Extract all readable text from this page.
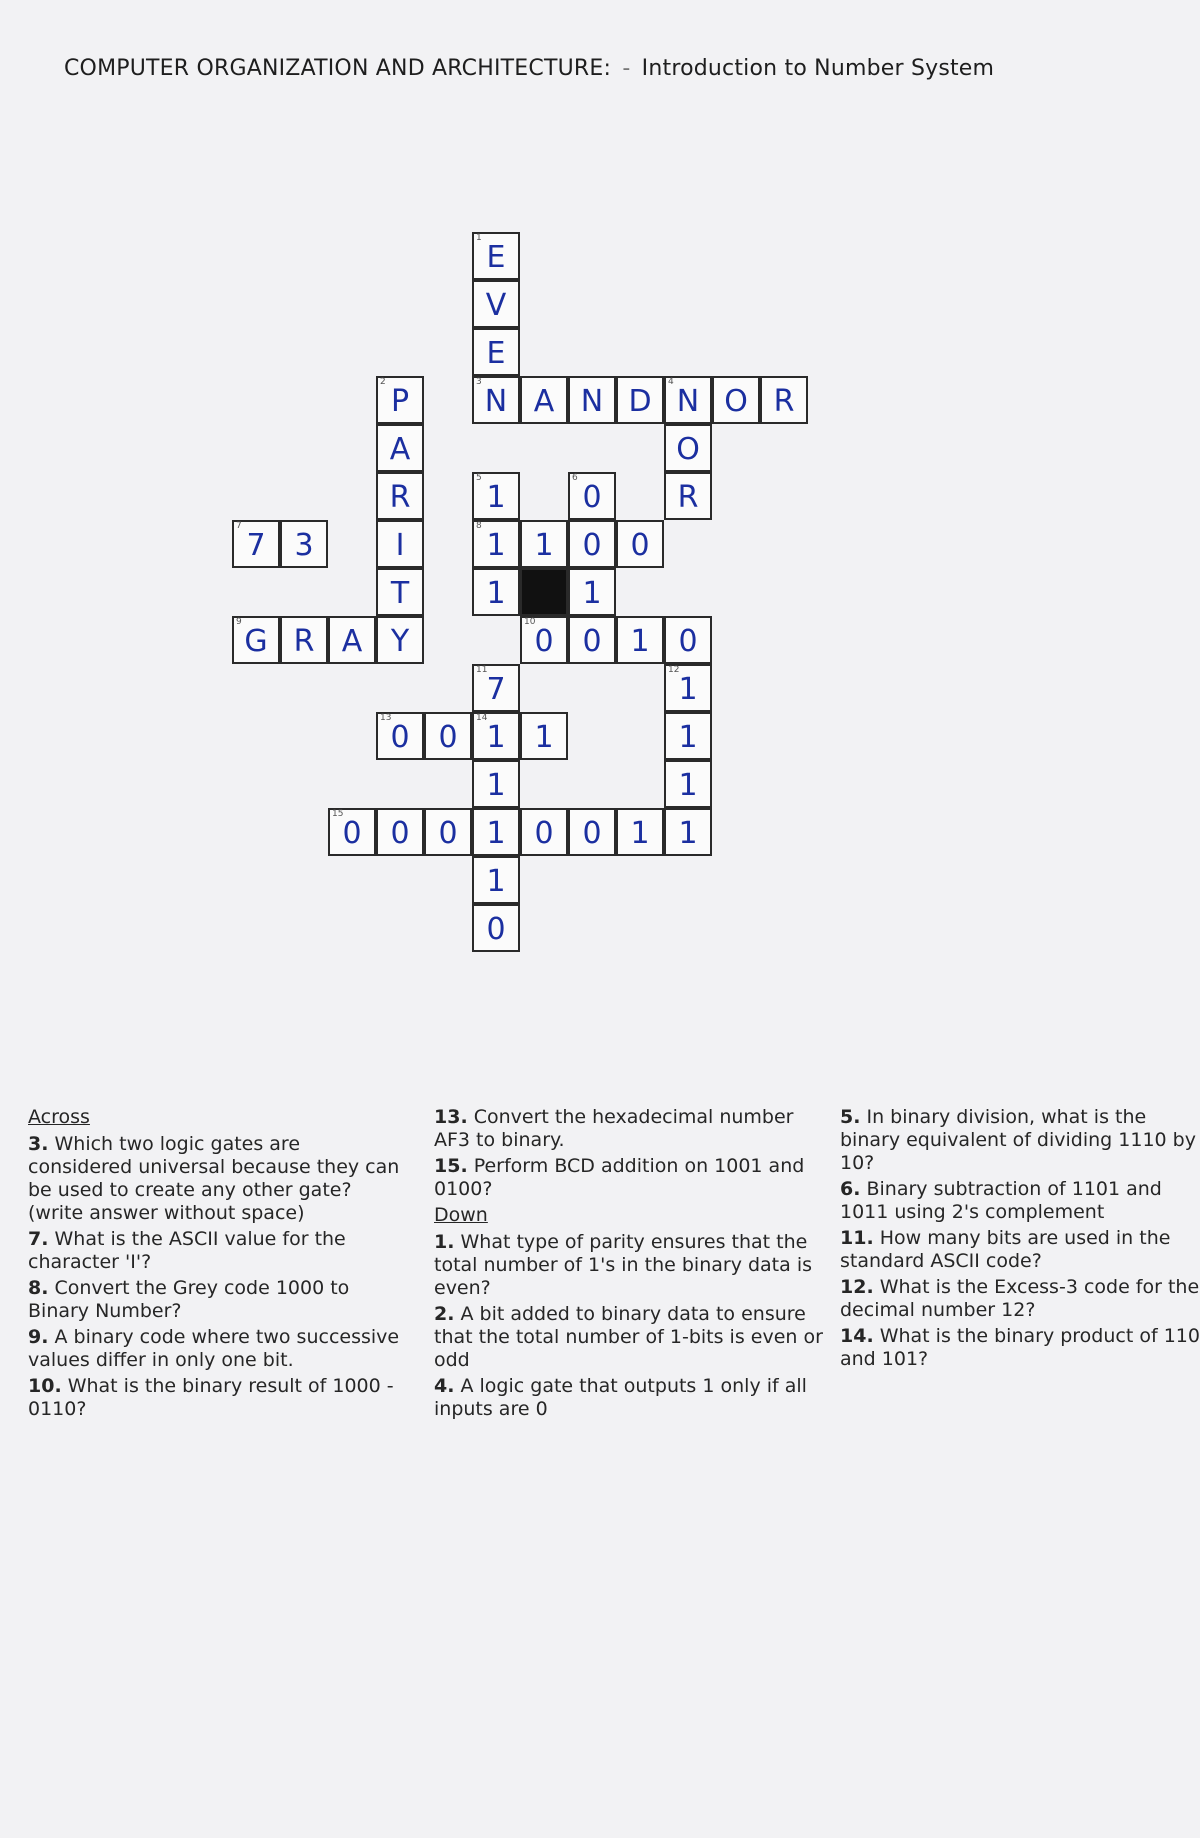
COMPUTER ORGANIZATION AND ARCHITECTURE: - Introduction to Number System
1
E
V
E
2
P
3
N A N D
4
N O R
A	O
R
5
1
6
0	R
7
7 3	I
8
1 1 0 0
T	1	1
9
G R A Y
10
0 0 1 0
11
7
12
1
13
0 0
14
1 1	1
1	1
15
0 0 0 1 0 0 1 1
1
0
Across
3. Which two logic gates are considered universal because they can be used to create any other gate? (write answer without space)
7. What is the ASCII value for the character 'I'?
8. Convert the Grey code 1000 to Binary Number?
9. A binary code where two successive values differ in only one bit.
10. What is the binary result of 1000 - 0110?
13. Convert the hexadecimal number AF3 to binary.
15. Perform BCD addition on 1001 and 0100?
Down
1. What type of parity ensures that the total number of 1's in the binary data is even?
2. A bit added to binary data to ensure that the total number of 1-bits is even or odd
4. A logic gate that outputs 1 only if all inputs are 0
5. In binary division, what is the binary equivalent of dividing 1110 by 10?
6. Binary subtraction of 1101 and 1011 using 2's complement
11. How many bits are used in the standard ASCII code?
12. What is the Excess-3 code for the decimal number 12?
14. What is the binary product of 110 and 101?
